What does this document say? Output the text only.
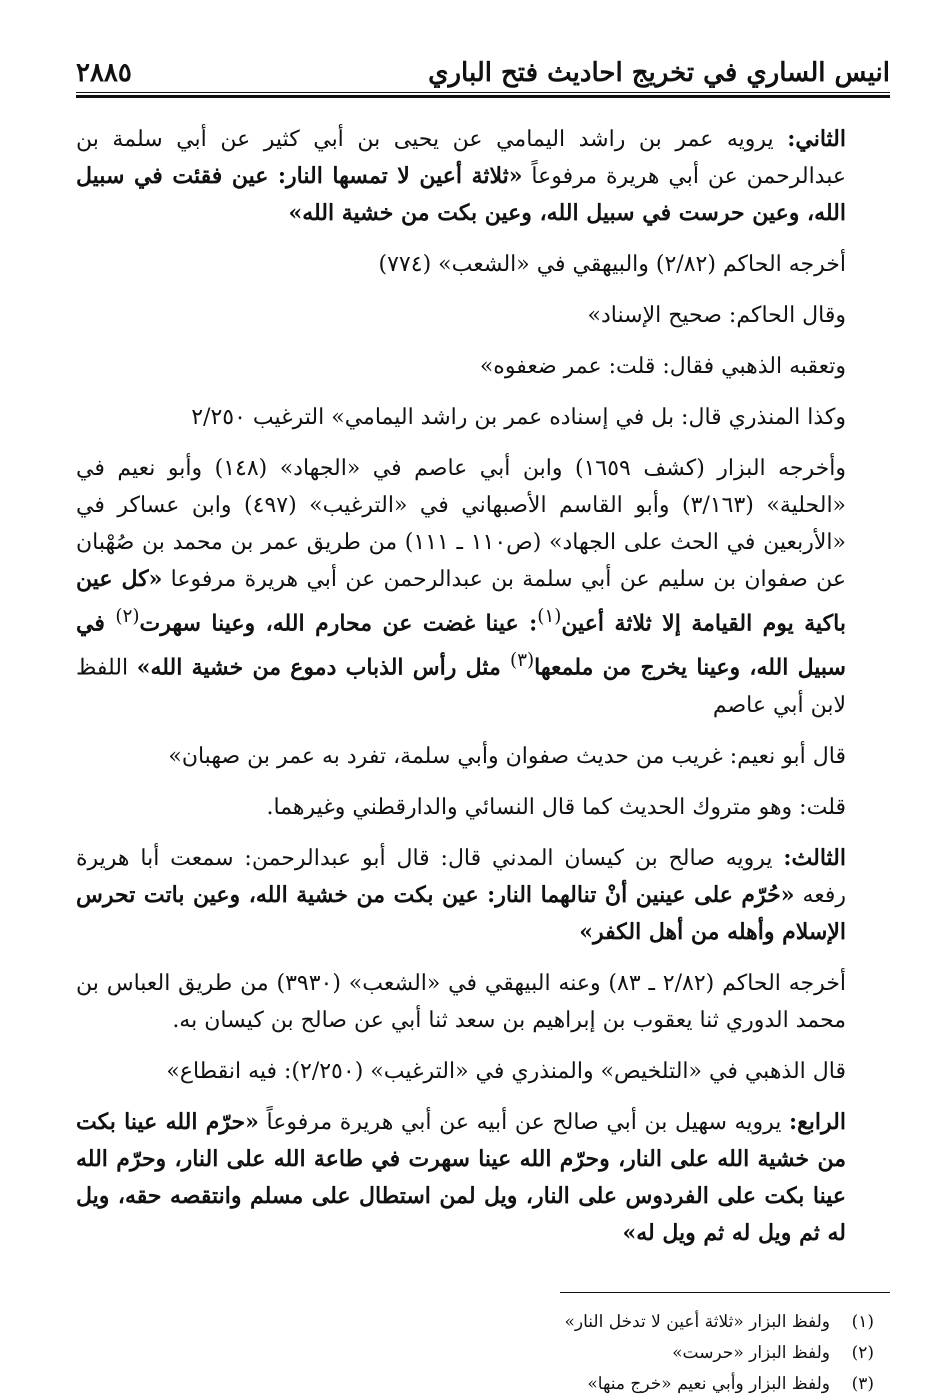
انيس الساري في تخريج احاديث فتح الباري
٢٨٨٥

الثاني: يرويه عمر بن راشد اليمامي عن يحيى بن أبي كثير عن أبي سلمة بن عبدالرحمن عن أبي هريرة مرفوعاً «ثلاثة أعين لا تمسها النار: عين فقئت في سبيل الله، وعين حرست في سبيل الله، وعين بكت من خشية الله»

أخرجه الحاكم (٢/٨٢) والبيهقي في «الشعب» (٧٧٤)

وقال الحاكم: صحيح الإسناد»

وتعقبه الذهبي فقال: قلت: عمر ضعفوه»

وكذا المنذري قال: بل في إسناده عمر بن راشد اليمامي» الترغيب ٢/٢٥٠

وأخرجه البزار (كشف ١٦٥٩) وابن أبي عاصم في «الجهاد» (١٤٨) وأبو نعيم في «الحلية» (٣/١٦٣) وأبو القاسم الأصبهاني في «الترغيب» (٤٩٧) وابن عساكر في «الأربعين في الحث على الجهاد» (ص١١٠ ـ ١١١) من طريق عمر بن محمد بن صُهْبان عن صفوان بن سليم عن أبي سلمة بن عبدالرحمن عن أبي هريرة مرفوعا «كل عين باكية يوم القيامة إلا ثلاثة أعين$^{(١)}$: عينا غضت عن محارم الله، وعينا سهرت$^{(٢)}$ في سبيل الله، وعينا يخرج من ملمعها$^{(٣)}$ مثل رأس الذباب دموع من خشية الله» اللفظ لابن أبي عاصم

قال أبو نعيم: غريب من حديث صفوان وأبي سلمة، تفرد به عمر بن صهبان»

قلت: وهو متروك الحديث كما قال النسائي والدارقطني وغيرهما.

الثالث: يرويه صالح بن كيسان المدني قال: قال أبو عبدالرحمن: سمعت أبا هريرة رفعه «حُرّم على عينين أنْ تنالهما النار: عين بكت من خشية الله، وعين باتت تحرس الإسلام وأهله من أهل الكفر»

أخرجه الحاكم (٢/٨٢ ـ ٨٣) وعنه البيهقي في «الشعب» (٣٩٣٠) من طريق العباس بن محمد الدوري ثنا يعقوب بن إبراهيم بن سعد ثنا أبي عن صالح بن كيسان به.

قال الذهبي في «التلخيص» والمنذري في «الترغيب» (٢/٢٥٠): فيه انقطاع»

الرابع: يرويه سهيل بن أبي صالح عن أبيه عن أبي هريرة مرفوعاً «حرّم الله عينا بكت من خشية الله على النار، وحرّم الله عينا سهرت في طاعة الله على النار، وحرّم الله عينا بكت على الفردوس على النار، ويل لمن استطال على مسلم وانتقصه حقه، ويل له ثم ويل له ثم ويل له»

(١)ولفظ البزار «ثلاثة أعين لا تدخل النار»
(٢)ولفظ البزار «حرست»
(٣)ولفظ البزار وأبي نعيم «خرج منها»
